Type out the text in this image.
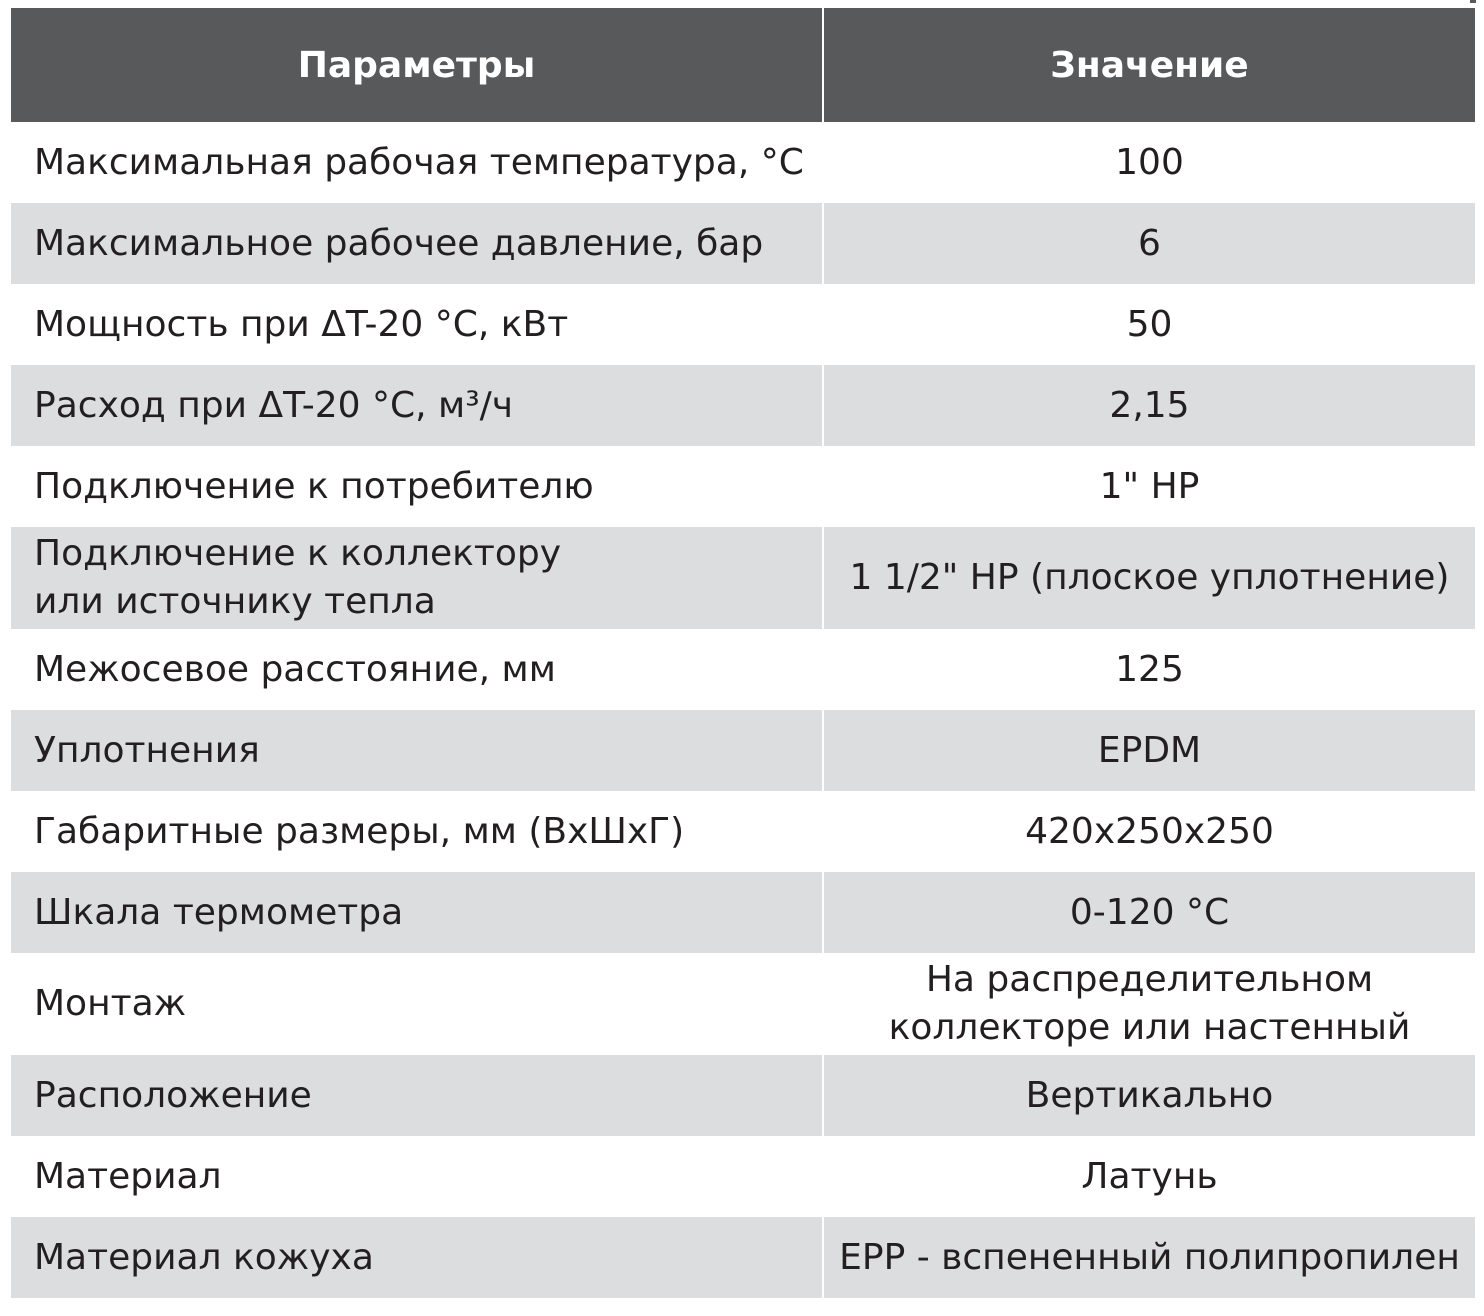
Параметры	Значение
Максимальная рабочая температура, °C	100
Максимальное рабочее давление, бар	6
Мощность при ΔT-20 °C, кВт	50
Расход при ΔT-20 °C, м³/ч	2,15
Подключение к потребителю	1" НР
Подключение к коллектору
или источнику тепла	1 1/2" НР (плоское уплотнение)
Межосевое расстояние, мм	125
Уплотнения	EPDM
Габаритные размеры, мм (ВхШхГ)	420х250х250
Шкала термометра	0-120 °C
Монтаж	На распределительном
коллекторе или настенный
Расположение	Вертикально
Материал	Латунь
Материал кожуха	EPP - вспененный полипропилен
